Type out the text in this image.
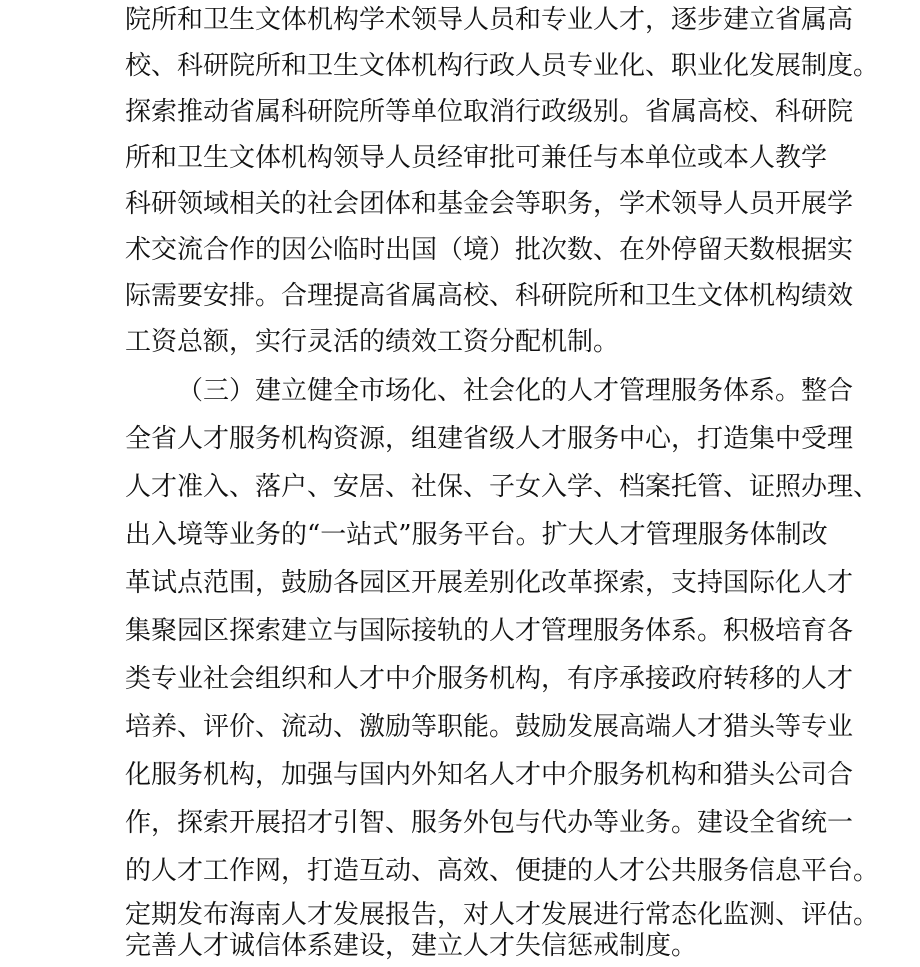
院所和卫生文体机构学术领导人员和专业人才，逐步建立省属高
校、科研院所和卫生文体机构行政人员专业化、职业化发展制度。
探索推动省属科研院所等单位取消行政级别。省属高校、科研院
所和卫生文体机构领导人员经审批可兼任与本单位或本人教学
科研领域相关的社会团体和基金会等职务，学术领导人员开展学
术交流合作的因公临时出国（境）批次数、在外停留天数根据实
际需要安排。合理提高省属高校、科研院所和卫生文体机构绩效
工资总额，实行灵活的绩效工资分配机制。
（三）建立健全市场化、社会化的人才管理服务体系。整合
全省人才服务机构资源，组建省级人才服务中心，打造集中受理
人才准入、落户、安居、社保、子女入学、档案托管、证照办理、
出入境等业务的“一站式”服务平台。扩大人才管理服务体制改
革试点范围，鼓励各园区开展差别化改革探索，支持国际化人才
集聚园区探索建立与国际接轨的人才管理服务体系。积极培育各
类专业社会组织和人才中介服务机构，有序承接政府转移的人才
培养、评价、流动、激励等职能。鼓励发展高端人才猎头等专业
化服务机构，加强与国内外知名人才中介服务机构和猎头公司合
作，探索开展招才引智、服务外包与代办等业务。建设全省统一
的人才工作网，打造互动、高效、便捷的人才公共服务信息平台。
定期发布海南人才发展报告，对人才发展进行常态化监测、评估。
完善人才诚信体系建设，建立人才失信惩戒制度。
